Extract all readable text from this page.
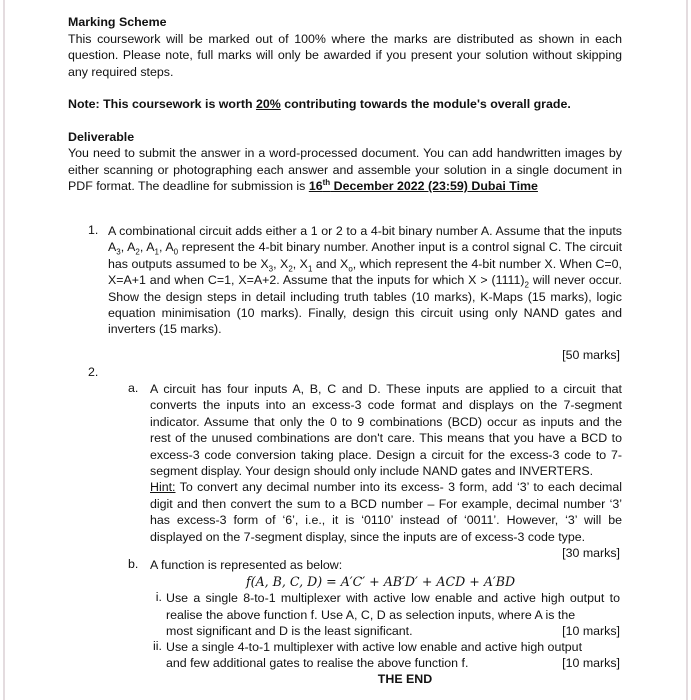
Marking Scheme
This coursework will be marked out of 100% where the marks are distributed as shown in each question. Please note, full marks will only be awarded if you present your solution without skipping any required steps.
Note: This coursework is worth 20% contributing towards the module's overall grade.
Deliverable
You need to submit the answer in a word-processed document. You can add handwritten images by either scanning or photographing each answer and assemble your solution in a single document in PDF format. The deadline for submission is 16th December 2022 (23:59) Dubai Time
1. A combinational circuit adds either a 1 or 2 to a 4-bit binary number A. Assume that the inputs $A_3$, $A_2$, $A_1$, $A_0$ represent the 4-bit binary number. Another input is a control signal C. The circuit has outputs assumed to be $X_3$, $X_2$, $X_1$ and $X_o$, which represent the 4-bit number X. When C=0, X=A+1 and when C=1, X=A+2. Assume that the inputs for which $X > (1111)_2$ will never occur. Show the design steps in detail including truth tables (10 marks), K-Maps (15 marks), logic equation minimisation (10 marks). Finally, design this circuit using only NAND gates and inverters (15 marks).
[50 marks]
2.
a. A circuit has four inputs A, B, C and D. These inputs are applied to a circuit that converts the inputs into an excess-3 code format and displays on the 7-segment indicator. Assume that only the 0 to 9 combinations (BCD) occur as inputs and the rest of the unused combinations are don't care. This means that you have a BCD to excess-3 code conversion taking place. Design a circuit for the excess-3 code to 7-segment display. Your design should only include NAND gates and INVERTERS.
Hint: To convert any decimal number into its excess- 3 form, add ‘3’ to each decimal digit and then convert the sum to a BCD number – For example, decimal number ‘3’ has excess-3 form of ‘6’, i.e., it is ‘0110’ instead of ‘0011’. However, ‘3’ will be displayed on the 7-segment display, since the inputs are of excess-3 code type.
[30 marks]
b. A function is represented as below:
f(A, B, C, D) = A′C′ + AB′D′ + ACD + A′BD
i. Use a single 8-to-1 multiplexer with active low enable and active high output to realise the above function f. Use A, C, D as selection inputs, where A is the
most significant and D is the least significant.	[10 marks]
ii. Use a single 4-to-1 multiplexer with active low enable and active high output
and few additional gates to realise the above function f.	[10 marks]
THE END
